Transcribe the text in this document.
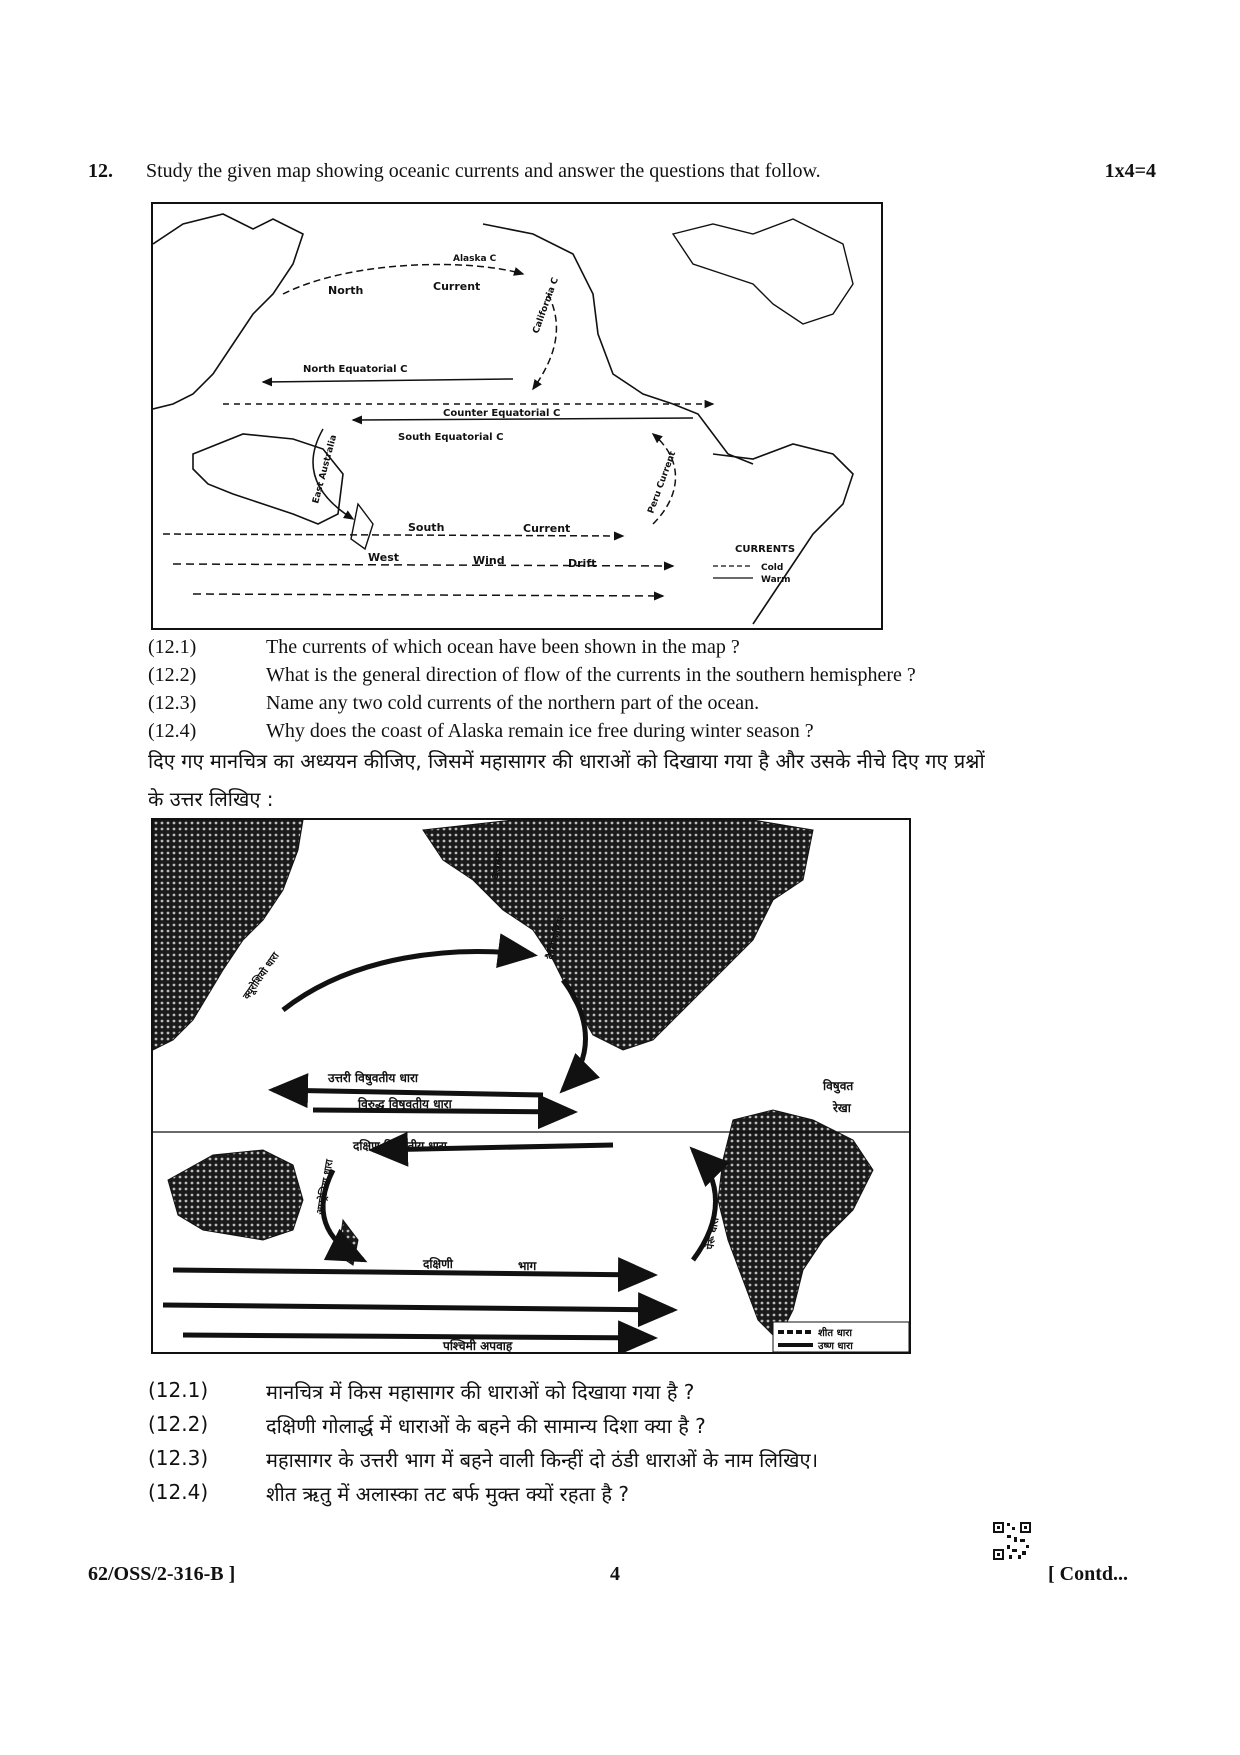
12. Study the given map showing oceanic currents and answer the questions that follow.	1x4=4
North	Current
North Equatorial C
Counter Equatorial C
South Equatorial C
Alaska C
California C
Peru Current
East Australia
South	Current
West	Wind	Drift
CURRENTS
Cold
Warm
(12.1)	The currents of which ocean have been shown in the map ?
(12.2)	What is the general direction of flow of the currents in the southern hemisphere ?
(12.3)	Name any two cold currents of the northern part of the ocean.
(12.4)	Why does the coast of Alaska remain ice free during winter season ?
दिए गए मानचित्र का अध्ययन कीजिए, जिसमें महासागर की धाराओं को दिखाया गया है और उसके नीचे दिए गए प्रश्नों
के उत्तर लिखिए :
उत्तरी विषुवतीय धारा
विरुद्ध विषुवतीय धारा
दक्षिण विषुवतीय धारा
दक्षिणी	भाग
पश्चिमी अपवाह
विषुवत
रेखा
अलास्का
कैलिफोर्निया
क्यूरोशियो धारा
पेरू धारा
आस्ट्रेलिया धारा
शीत धारा
उष्ण धारा
(12.1)	मानचित्र में किस महासागर की धाराओं को दिखाया गया है ?
(12.2)	दक्षिणी गोलार्द्ध में धाराओं के बहने की सामान्य दिशा क्या है ?
(12.3)	महासागर के उत्तरी भाग में बहने वाली किन्हीं दो ठंडी धाराओं के नाम लिखिए।
(12.4)	शीत ऋतु में अलास्का तट बर्फ मुक्त क्यों रहता है ?
62/OSS/2-316-B ]	4	[ Contd...
